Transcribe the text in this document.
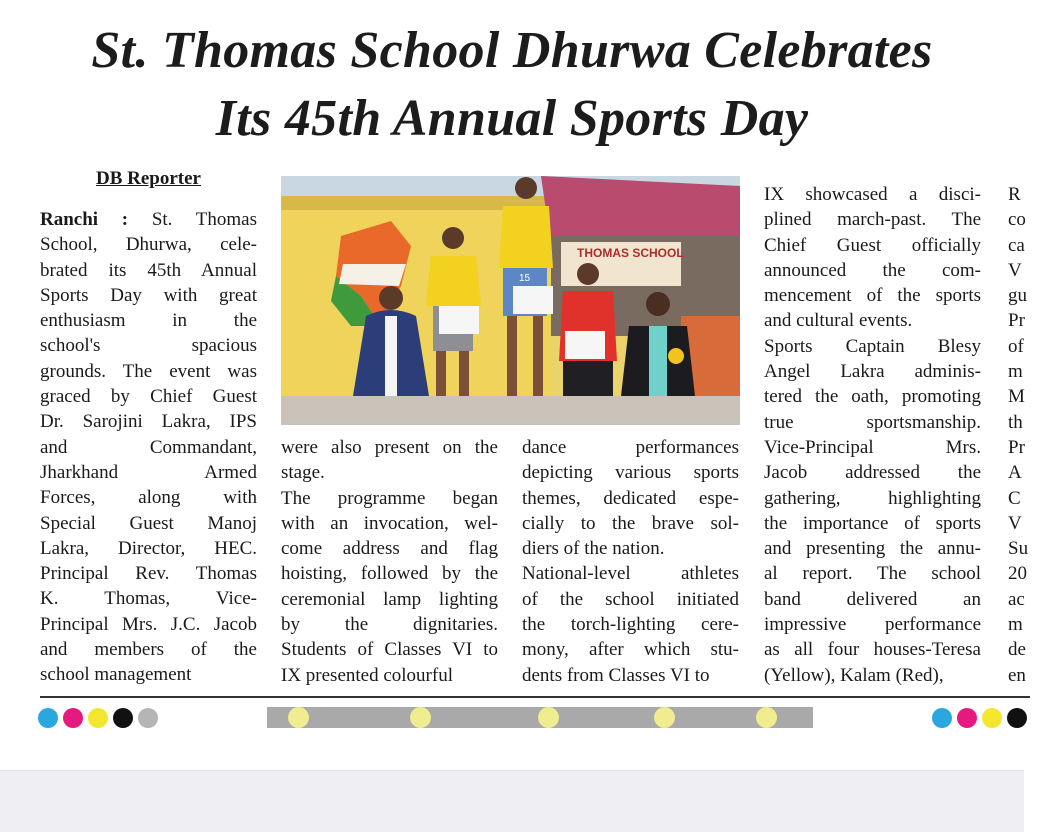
St. Thomas School Dhurwa Celebrates
Its 45th Annual Sports Day
DB Reporter
THOMAS SCHOOL
15
Ranchi : St. Thomas
School, Dhurwa, cele-
brated its 45th Annual
Sports Day with great
enthusiasm in the
school's spacious
grounds. The event was
graced by Chief Guest
Dr. Sarojini Lakra, IPS
and Commandant,
Jharkhand Armed
Forces, along with
Special Guest Manoj
Lakra, Director, HEC.
Principal Rev. Thomas
K. Thomas, Vice-
Principal Mrs. J.C. Jacob
and members of the
school management
were also present on the
stage.
The programme began
with an invocation, wel-
come address and flag
hoisting, followed by the
ceremonial lamp lighting
by the dignitaries.
Students of Classes VI to
IX presented colourful
dance performances
depicting various sports
themes, dedicated espe-
cially to the brave sol-
diers of the nation.
National-level athletes
of the school initiated
the torch-lighting cere-
mony, after which stu-
dents from Classes VI to
IX showcased a disci-
plined march-past. The
Chief Guest officially
announced the com-
mencement of the sports
and cultural events.
Sports Captain Blesy
Angel Lakra adminis-
tered the oath, promoting
true sportsmanship.
Vice-Principal Mrs.
Jacob addressed the
gathering, highlighting
the importance of sports
and presenting the annu-
al report. The school
band delivered an
impressive performance
as all four houses-Teresa
(Yellow), Kalam (Red),
R
co
ca
V
gu
Pr
of
m
M
th
Pr
A
C
V
Su
20
ac
m
de
en
